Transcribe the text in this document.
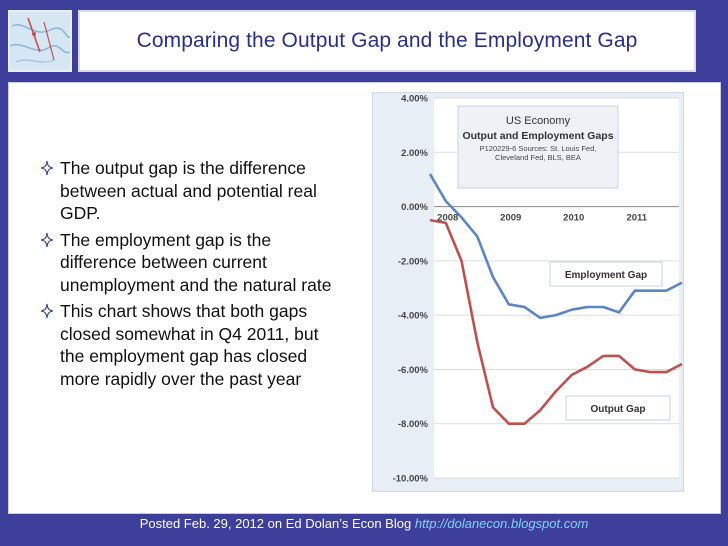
Comparing the Output Gap and the Employment Gap
The output gap is the difference between actual and potential real GDP.
The employment gap is the difference between current unemployment and the natural rate
This chart shows that both gaps closed somewhat in Q4 2011, but the employment gap has closed more rapidly over the past year
4.00%
2.00%
0.00%
-2.00%
-4.00%
-6.00%
-8.00%
-10.00%
2008	2009	2010	2011
US Economy
Output and Employment Gaps
P120229-6 Sources: St. Louis Fed, Cleveland Fed, BLS, BEA
Employment Gap
Output Gap
Posted Feb. 29, 2012 on Ed Dolan’s Econ Blog http://dolanecon.blogspot.com
